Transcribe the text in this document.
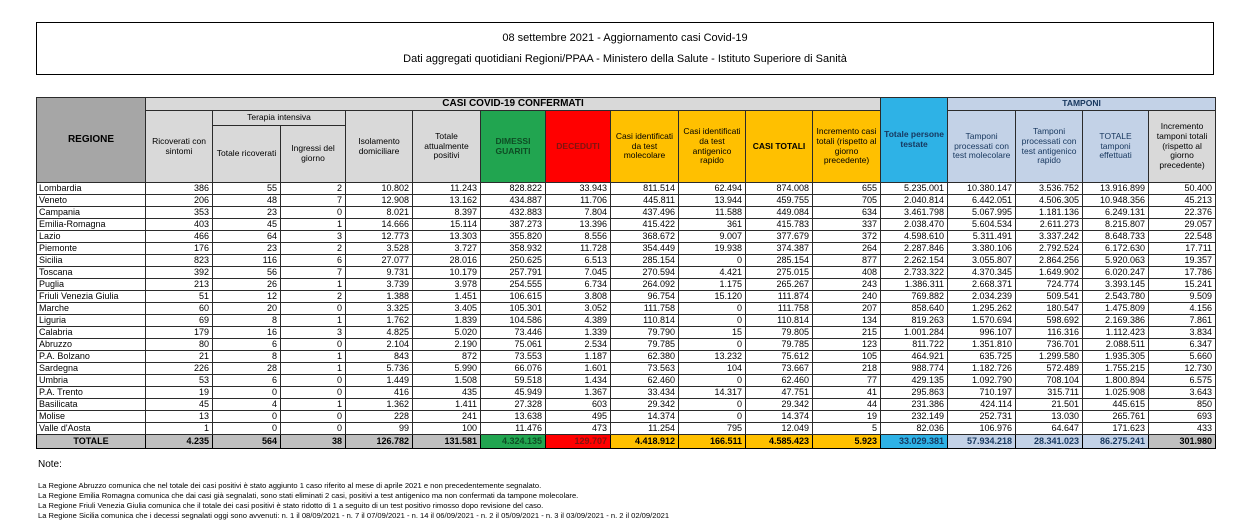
08 settembre 2021 - Aggiornamento casi Covid-19
Dati aggregati quotidiani Regioni/PPAA - Ministero della Salute - Istituto Superiore di Sanità
REGIONE	CASI COVID-19 CONFERMATI											Totale persone testate	TAMPONI			
	Ricoverati con sintomi	Terapia intensiva		Isolamento domiciliare	Totale attualmente positivi	DIMESSI GUARITI	DECEDUTI	Casi identificati da test molecolare	Casi identificati da test antigenico rapido	CASI TOTALI	Incremento casi totali (rispetto al giorno precedente)		Tamponi processati con test molecolare	Tamponi processati con test antigenico rapido	TOTALE tamponi effettuati	Incremento tamponi totali (rispetto al giorno precedente)
		Totale ricoverati	Ingressi del giorno													
Lombardia	386	55	2	10.802	11.243	828.822	33.943	811.514	62.494	874.008	655	5.235.001	10.380.147	3.536.752	13.916.899	50.400
Veneto	206	48	7	12.908	13.162	434.887	11.706	445.811	13.944	459.755	705	2.040.814	6.442.051	4.506.305	10.948.356	45.213
Campania	353	23	0	8.021	8.397	432.883	7.804	437.496	11.588	449.084	634	3.461.798	5.067.995	1.181.136	6.249.131	22.376
Emilia-Romagna	403	45	1	14.666	15.114	387.273	13.396	415.422	361	415.783	337	2.038.470	5.604.534	2.611.273	8.215.807	29.057
Lazio	466	64	3	12.773	13.303	355.820	8.556	368.672	9.007	377.679	372	4.598.610	5.311.491	3.337.242	8.648.733	22.548
Piemonte	176	23	2	3.528	3.727	358.932	11.728	354.449	19.938	374.387	264	2.287.846	3.380.106	2.792.524	6.172.630	17.711
Sicilia	823	116	6	27.077	28.016	250.625	6.513	285.154	0	285.154	877	2.262.154	3.055.807	2.864.256	5.920.063	19.357
Toscana	392	56	7	9.731	10.179	257.791	7.045	270.594	4.421	275.015	408	2.733.322	4.370.345	1.649.902	6.020.247	17.786
Puglia	213	26	1	3.739	3.978	254.555	6.734	264.092	1.175	265.267	243	1.386.311	2.668.371	724.774	3.393.145	15.241
Friuli Venezia Giulia	51	12	2	1.388	1.451	106.615	3.808	96.754	15.120	111.874	240	769.882	2.034.239	509.541	2.543.780	9.509
Marche	60	20	0	3.325	3.405	105.301	3.052	111.758	0	111.758	207	858.640	1.295.262	180.547	1.475.809	4.156
Liguria	69	8	1	1.762	1.839	104.586	4.389	110.814	0	110.814	134	819.263	1.570.694	598.692	2.169.386	7.861
Calabria	179	16	3	4.825	5.020	73.446	1.339	79.790	15	79.805	215	1.001.284	996.107	116.316	1.112.423	3.834
Abruzzo	80	6	0	2.104	2.190	75.061	2.534	79.785	0	79.785	123	811.722	1.351.810	736.701	2.088.511	6.347
P.A. Bolzano	21	8	1	843	872	73.553	1.187	62.380	13.232	75.612	105	464.921	635.725	1.299.580	1.935.305	5.660
Sardegna	226	28	1	5.736	5.990	66.076	1.601	73.563	104	73.667	218	988.774	1.182.726	572.489	1.755.215	12.730
Umbria	53	6	0	1.449	1.508	59.518	1.434	62.460	0	62.460	77	429.135	1.092.790	708.104	1.800.894	6.575
P.A. Trento	19	0	0	416	435	45.949	1.367	33.434	14.317	47.751	41	295.863	710.197	315.711	1.025.908	3.643
Basilicata	45	4	1	1.362	1.411	27.328	603	29.342	0	29.342	44	231.386	424.114	21.501	445.615	850
Molise	13	0	0	228	241	13.638	495	14.374	0	14.374	19	232.149	252.731	13.030	265.761	693
Valle d'Aosta	1	0	0	99	100	11.476	473	11.254	795	12.049	5	82.036	106.976	64.647	171.623	433
TOTALE	4.235	564	38	126.782	131.581	4.324.135	129.707	4.418.912	166.511	4.585.423	5.923	33.029.381	57.934.218	28.341.023	86.275.241	301.980

Note:

La Regione Abruzzo comunica che nel totale dei casi positivi è stato aggiunto 1 caso riferito al mese di aprile 2021 e non precedentemente segnalato.

La Regione Emilia Romagna comunica che dai casi già segnalati, sono stati eliminati 2 casi, positivi a test antigenico ma non confermati da tampone molecolare.

La Regione Friuli Venezia Giulia comunica che il totale dei casi positivi è stato ridotto di 1 a seguito di un test positivo rimosso dopo revisione del caso.

La Regione Sicilia comunica che i decessi segnalati oggi sono avvenuti: n. 1 il 08/09/2021 - n. 7 il 07/09/2021 - n. 14 il 06/09/2021 - n. 2 il 05/09/2021 - n. 3 il 03/09/2021 - n. 2 il 02/09/2021
